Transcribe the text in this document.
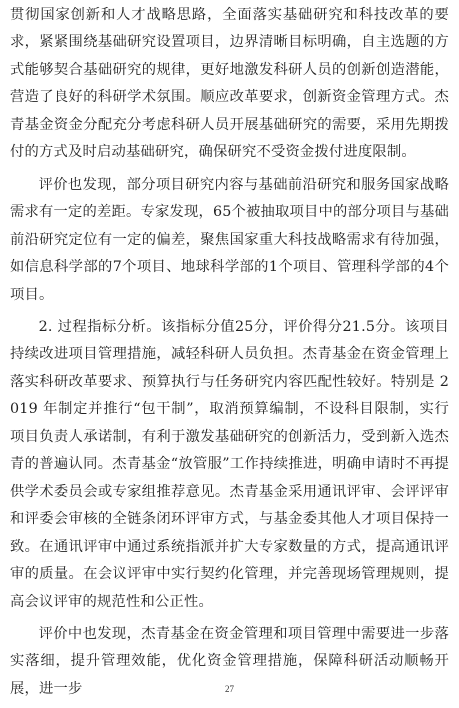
贯彻国家创新和人才战略思路，全面落实基础研究和科技改革的要求，紧紧围绕基础研究设置项目，边界清晰目标明确，自主选题的方式能够契合基础研究的规律，更好地激发科研人员的创新创造潜能，营造了良好的科研学术氛围。顺应改革要求，创新资金管理方式。杰青基金资金分配充分考虑科研人员开展基础研究的需要，采用先期拨付的方式及时启动基础研究，确保研究不受资金拨付进度限制。

评价也发现，部分项目研究内容与基础前沿研究和服务国家战略需求有一定的差距。专家发现，65个被抽取项目中的部分项目与基础前沿研究定位有一定的偏差，聚焦国家重大科技战略需求有待加强，如信息科学部的7个项目、地球科学部的1个项目、管理科学部的4个项目。

2. 过程指标分析。该指标分值25分，评价得分21.5分。该项目持续改进项目管理措施，减轻科研人员负担。杰青基金在资金管理上落实科研改革要求、预算执行与任务研究内容匹配性较好。特别是 2019 年制定并推行“包干制”，取消预算编制，不设科目限制，实行项目负责人承诺制，有利于激发基础研究的创新活力，受到新入选杰青的普遍认同。杰青基金“放管服”工作持续推进，明确申请时不再提供学术委员会或专家组推荐意见。杰青基金采用通讯评审、会评评审和评委会审核的全链条闭环评审方式，与基金委其他人才项目保持一致。在通讯评审中通过系统指派并扩大专家数量的方式，提高通讯评审的质量。在会议评审中实行契约化管理，并完善现场管理规则，提高会议评审的规范性和公正性。

评价中也发现，杰青基金在资金管理和项目管理中需要进一步落实落细，提升管理效能，优化资金管理措施，保障科研活动顺畅开展，进一步	27
